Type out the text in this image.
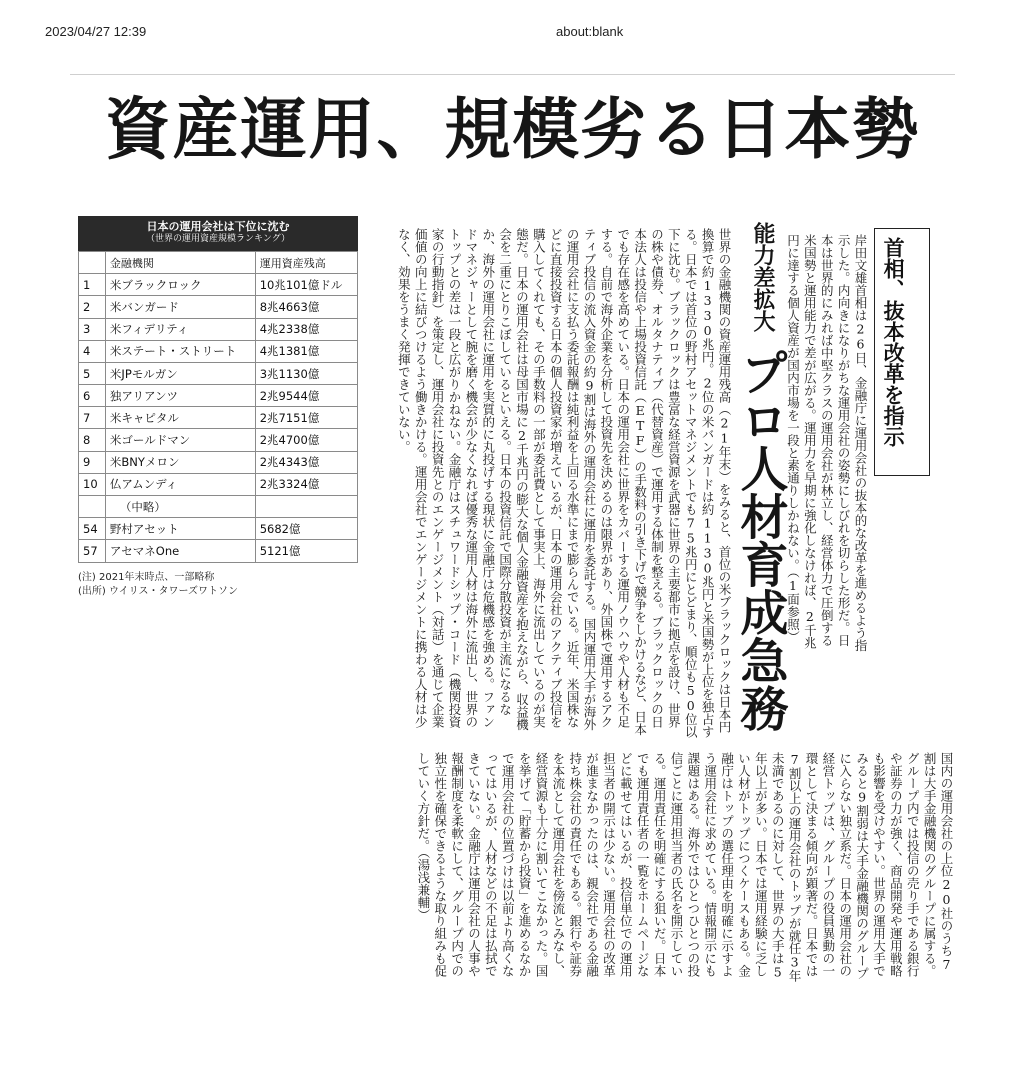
2023/04/27 12:39	about:blank
資産運用、規模劣る日本勢
日本の運用会社は下位に沈む
（世界の運用資産規模ランキング）
	金融機関	運用資産残高
1	米ブラックロック	10兆101億ドル
2	米バンガード	8兆4663億
3	米フィデリティ	4兆2338億
4	米ステート・ストリート	4兆1381億
5	米JPモルガン	3兆1130億
6	独アリアンツ	2兆9544億
7	米キャピタル	2兆7151億
8	米ゴールドマン	2兆4700億
9	米BNYメロン	2兆4343億
10	仏アムンディ	2兆3324億
	（中略）	
54	野村アセット	5682億
57	アセマネOne	5121億
(注) 2021年末時点、一部略称
(出所) ウイリス・タワーズワトソン
首相、抜本改革を指示
岸田文雄首相は26日、金融庁に運用会社の抜本的な改革を進めるよう指示した。内向きになりがちな運用会社の姿勢にしびれを切らした形だ。日本は世界的にみれば中堅クラスの運用会社が林立し、経営体力で圧倒する米国勢と運用能力で差が広がる。運用力を早期に強化しなければ、2千兆円に達する個人資産が国内市場を一段と素通りしかねない。（1面参照）
能力差拡大
プロ人材育成急務
世界の金融機関の資産運用残高（21年末）をみると、首位の米ブラックロックは日本円換算で約1330兆円。2位の米バンガードは約1130兆円と米国勢が上位を独占する。日本では首位の野村アセットマネジメントでも75兆円にとどまり、順位も50位以下に沈む。ブラックロックは豊富な経営資源を武器に世界の主要都市に拠点を設け、世界の株や債券、オルタナティブ（代替資産）で運用する体制を整える。ブラックロックの日本法人は投信や上場投資信託（ETF）の手数料の引き下げで競争をしかけるなど、日本でも存在感を高めている。日本の運用会社に世界をカバーする運用ノウハウや人材も不足する。自前で海外企業を分析して投資先を決めるのは限界があり、外国株で運用するアクティブ投信の流入資金の約9割は海外の運用会社に運用を委託する。国内運用大手が海外の運用会社に支払う委託報酬は純利益を上回る水準にまで膨らんでいる。近年、米国株などに直接投資する日本の個人投資家が増えているが、日本の運用会社のアクティブ投信を購入してくれても、その手数料の一部が委託費として事実上、海外に流出しているのが実態だ。日本の運用会社は母国市場に2千兆円の膨大な個人金融資産を抱えながら、収益機会を二重にとりこぼしているといえる。日本の投資信託で国際分散投資が主流になるなか、海外の運用会社に運用を実質的に丸投げする現状に金融庁は危機感を強める。ファンドマネジャーとして腕を磨く機会が少なくなれば優秀な運用人材は海外に流出し、世界のトップとの差は一段と広がりかねない。金融庁はスチュワードシップ・コード（機関投資家の行動指針）を策定し、運用会社に投資先とのエンゲージメント（対話）を通じて企業価値の向上に結びつけるよう働きかける。運用会社でエンゲージメントに携わる人材は少なく、効果をうまく発揮できていない。
国内の運用会社の上位20社のうち7割は大手金融機関のグループに属する。グループ内では投信の売り手である銀行や証券の力が強く、商品開発や運用戦略も影響を受けやすい。世界の運用大手でみると9割弱は大手金融機関のグループに入らない独立系だ。日本の運用会社の経営トップは、グループの役員異動の一環として決まる傾向が顕著だ。日本では7割以上の運用会社のトップが就任3年未満であるのに対して、世界の大手は5年以上が多い。日本では運用経験に乏しい人材がトップにつくケースもある。金融庁はトップの選任理由を明確に示すよう運用会社に求めている。情報開示にも課題はある。海外ではひとつひとつの投信ごとに運用担当者の氏名を開示している。運用責任を明確にする狙いだ。日本でも運用責任者の一覧をホームページなどに載せてはいるが、投信単位での運用担当者の開示は少ない。運用会社の改革が進まなかったのは、親会社である金融持ち株会社の責任でもある。銀行や証券を本流として運用会社を傍流とみなし、経営資源も十分に割いてこなかった。国を挙げて「貯蓄から投資」を進めるなかで運用会社の位置づけは以前より高くなってはいるが、人材などの不足は払拭できていない。金融庁は運用会社の人事や報酬制度を柔軟にして、グループ内での独立性を確保できるような取り組みも促していく方針だ。（湯浅兼輔）
